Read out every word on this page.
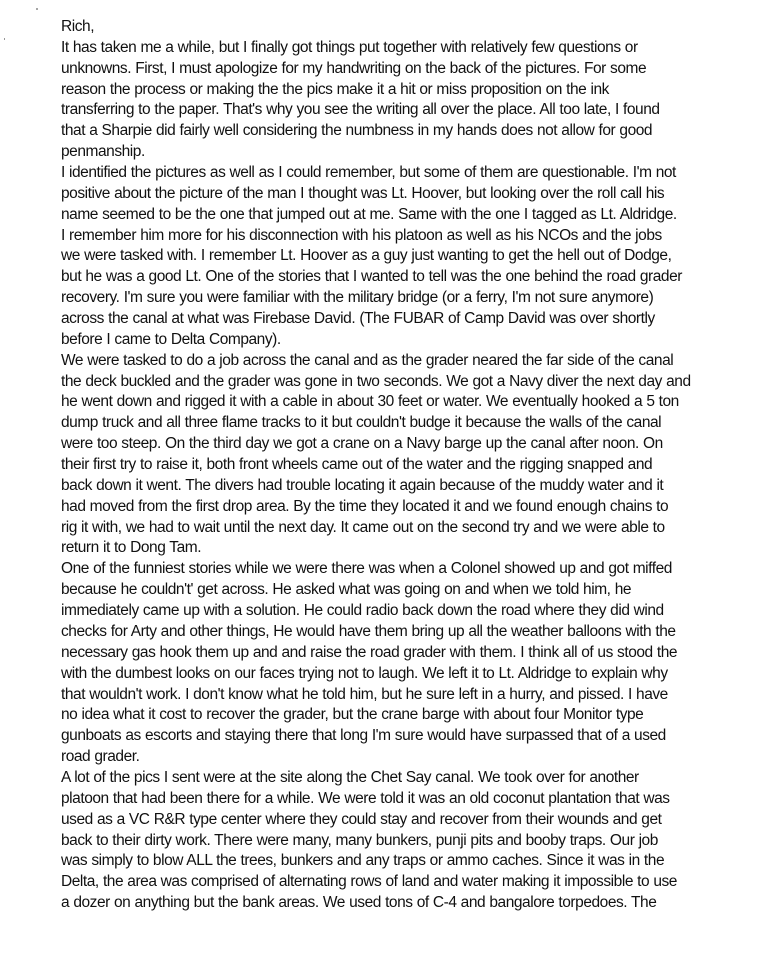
Rich,
It has taken me a while, but I finally got things put together with relatively few questions or
unknowns. First, I must apologize for my handwriting on the back of the pictures. For some
reason the process or making the the pics make it a hit or miss proposition on the ink
transferring to the paper. That's why you see the writing all over the place. All too late, I found
that a Sharpie did fairly well considering the numbness in my hands does not allow for good
penmanship.
I identified the pictures as well as I could remember, but some of them are questionable. I'm not
positive about the picture of the man I thought was Lt. Hoover, but looking over the roll call his
name seemed to be the one that jumped out at me. Same with the one I tagged as Lt. Aldridge.
I remember him more for his disconnection with his platoon as well as his NCOs and the jobs
we were tasked with. I remember Lt. Hoover as a guy just wanting to get the hell out of Dodge,
but he was a good Lt. One of the stories that I wanted to tell was the one behind the road grader
recovery. I'm sure you were familiar with the military bridge (or a ferry, I'm not sure anymore)
across the canal at what was Firebase David. (The FUBAR of Camp David was over shortly
before I came to Delta Company).
We were tasked to do a job across the canal and as the grader neared the far side of the canal
the deck buckled and the grader was gone in two seconds. We got a Navy diver the next day and
he went down and rigged it with a cable in about 30 feet or water. We eventually hooked a 5 ton
dump truck and all three flame tracks to it but couldn't budge it because the walls of the canal
were too steep. On the third day we got a crane on a Navy barge up the canal after noon. On
their first try to raise it, both front wheels came out of the water and the rigging snapped and
back down it went. The divers had trouble locating it again because of the muddy water and it
had moved from the first drop area. By the time they located it and we found enough chains to
rig it with, we had to wait until the next day. It came out on the second try and we were able to
return it to Dong Tam.
One of the funniest stories while we were there was when a Colonel showed up and got miffed
because he couldn't' get across. He asked what was going on and when we told him, he
immediately came up with a solution. He could radio back down the road where they did wind
checks for Arty and other things, He would have them bring up all the weather balloons with the
necessary gas hook them up and and raise the road grader with them. I think all of us stood the
with the dumbest looks on our faces trying not to laugh. We left it to Lt. Aldridge to explain why
that wouldn't work. I don't know what he told him, but he sure left in a hurry, and pissed. I have
no idea what it cost to recover the grader, but the crane barge with about four Monitor type
gunboats as escorts and staying there that long I'm sure would have surpassed that of a used
road grader.
A lot of the pics I sent were at the site along the Chet Say canal. We took over for another
platoon that had been there for a while. We were told it was an old coconut plantation that was
used as a VC R&R type center where they could stay and recover from their wounds and get
back to their dirty work. There were many, many bunkers, punji pits and booby traps. Our job
was simply to blow ALL the trees, bunkers and any traps or ammo caches. Since it was in the
Delta, the area was comprised of alternating rows of land and water making it impossible to use
a dozer on anything but the bank areas. We used tons of C-4 and bangalore torpedoes. The
